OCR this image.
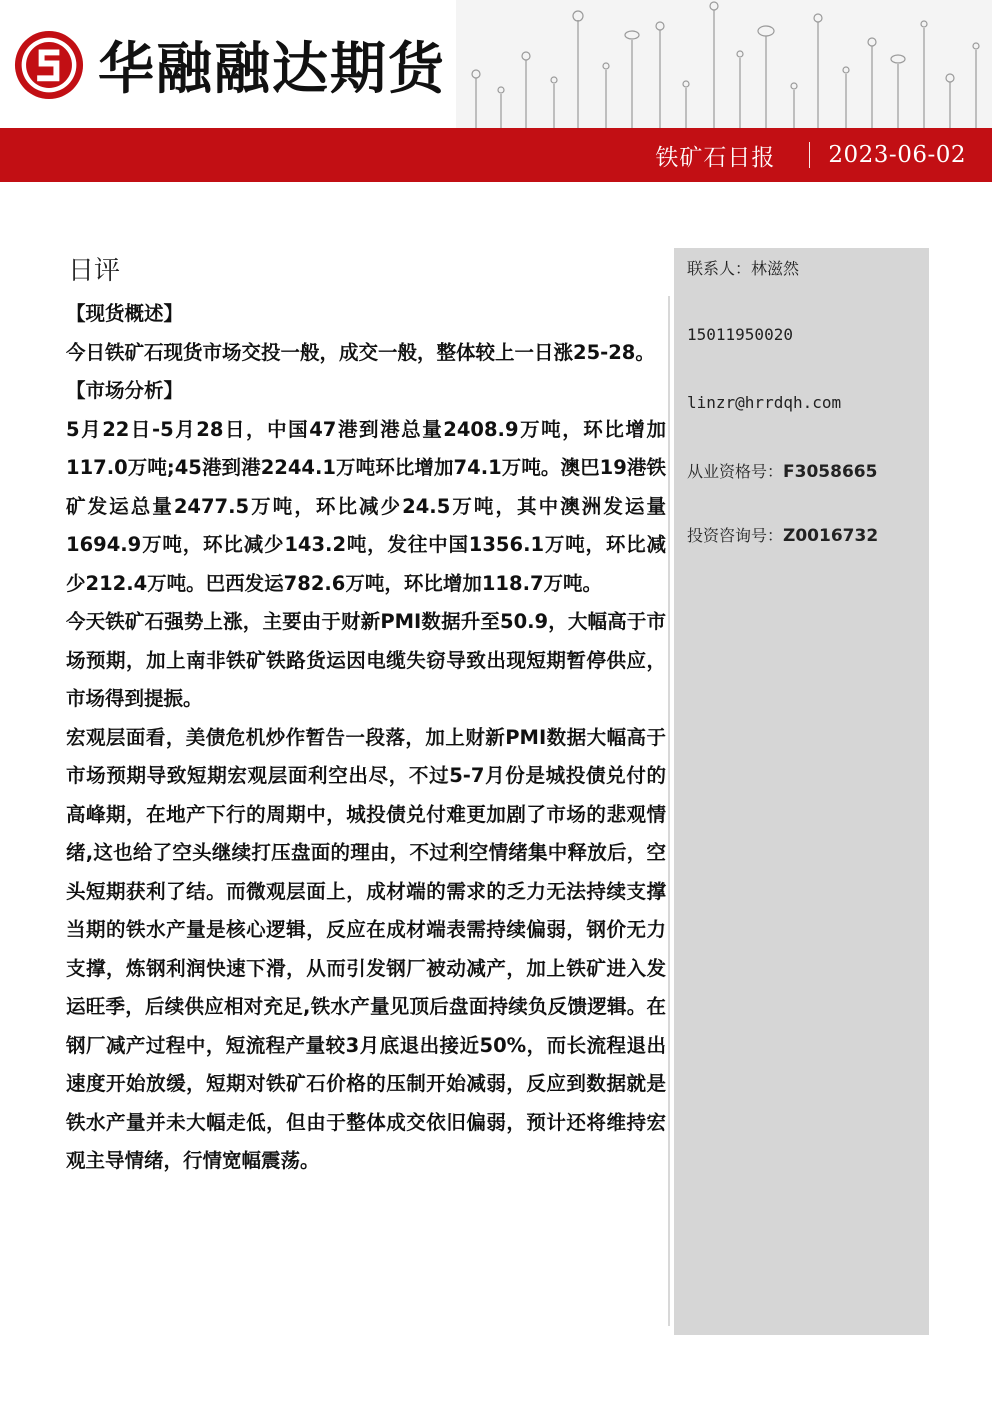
华融融达期货
铁矿石日报 2023-06-02
日评

【现货概述】

今日铁矿石现货市场交投一般，成交一般，整体较上一日涨25-28。

【市场分析】

5月22日-5月28日，中国47港到港总量2408.9万吨，环比增加117.0万吨;45港到港2244.1万吨环比增加74.1万吨。澳巴19港铁矿发运总量2477.5万吨，环比减少24.5万吨，其中澳洲发运量1694.9万吨，环比减少143.2吨，发往中国1356.1万吨，环比减少212.4万吨。巴西发运782.6万吨，环比增加118.7万吨。

今天铁矿石强势上涨，主要由于财新PMI数据升至50.9，大幅高于市场预期，加上南非铁矿铁路货运因电缆失窃导致出现短期暂停供应，市场得到提振。

宏观层面看，美债危机炒作暂告一段落，加上财新PMI数据大幅高于市场预期导致短期宏观层面利空出尽，不过5-7月份是城投债兑付的高峰期，在地产下行的周期中，城投债兑付难更加剧了市场的悲观情绪,这也给了空头继续打压盘面的理由，不过利空情绪集中释放后，空头短期获利了结。而微观层面上，成材端的需求的乏力无法持续支撑当期的铁水产量是核心逻辑，反应在成材端表需持续偏弱，钢价无力支撑，炼钢利润快速下滑，从而引发钢厂被动减产，加上铁矿进入发运旺季，后续供应相对充足,铁水产量见顶后盘面持续负反馈逻辑。在钢厂减产过程中，短流程产量较3月底退出接近50%，而长流程退出速度开始放缓，短期对铁矿石价格的压制开始减弱，反应到数据就是铁水产量并未大幅走低，但由于整体成交依旧偏弱，预计还将维持宏观主导情绪，行情宽幅震荡。

联系人：林滋然
15011950020
linzr@hrrdqh.com
从业资格号：F3058665
投资咨询号：Z0016732
